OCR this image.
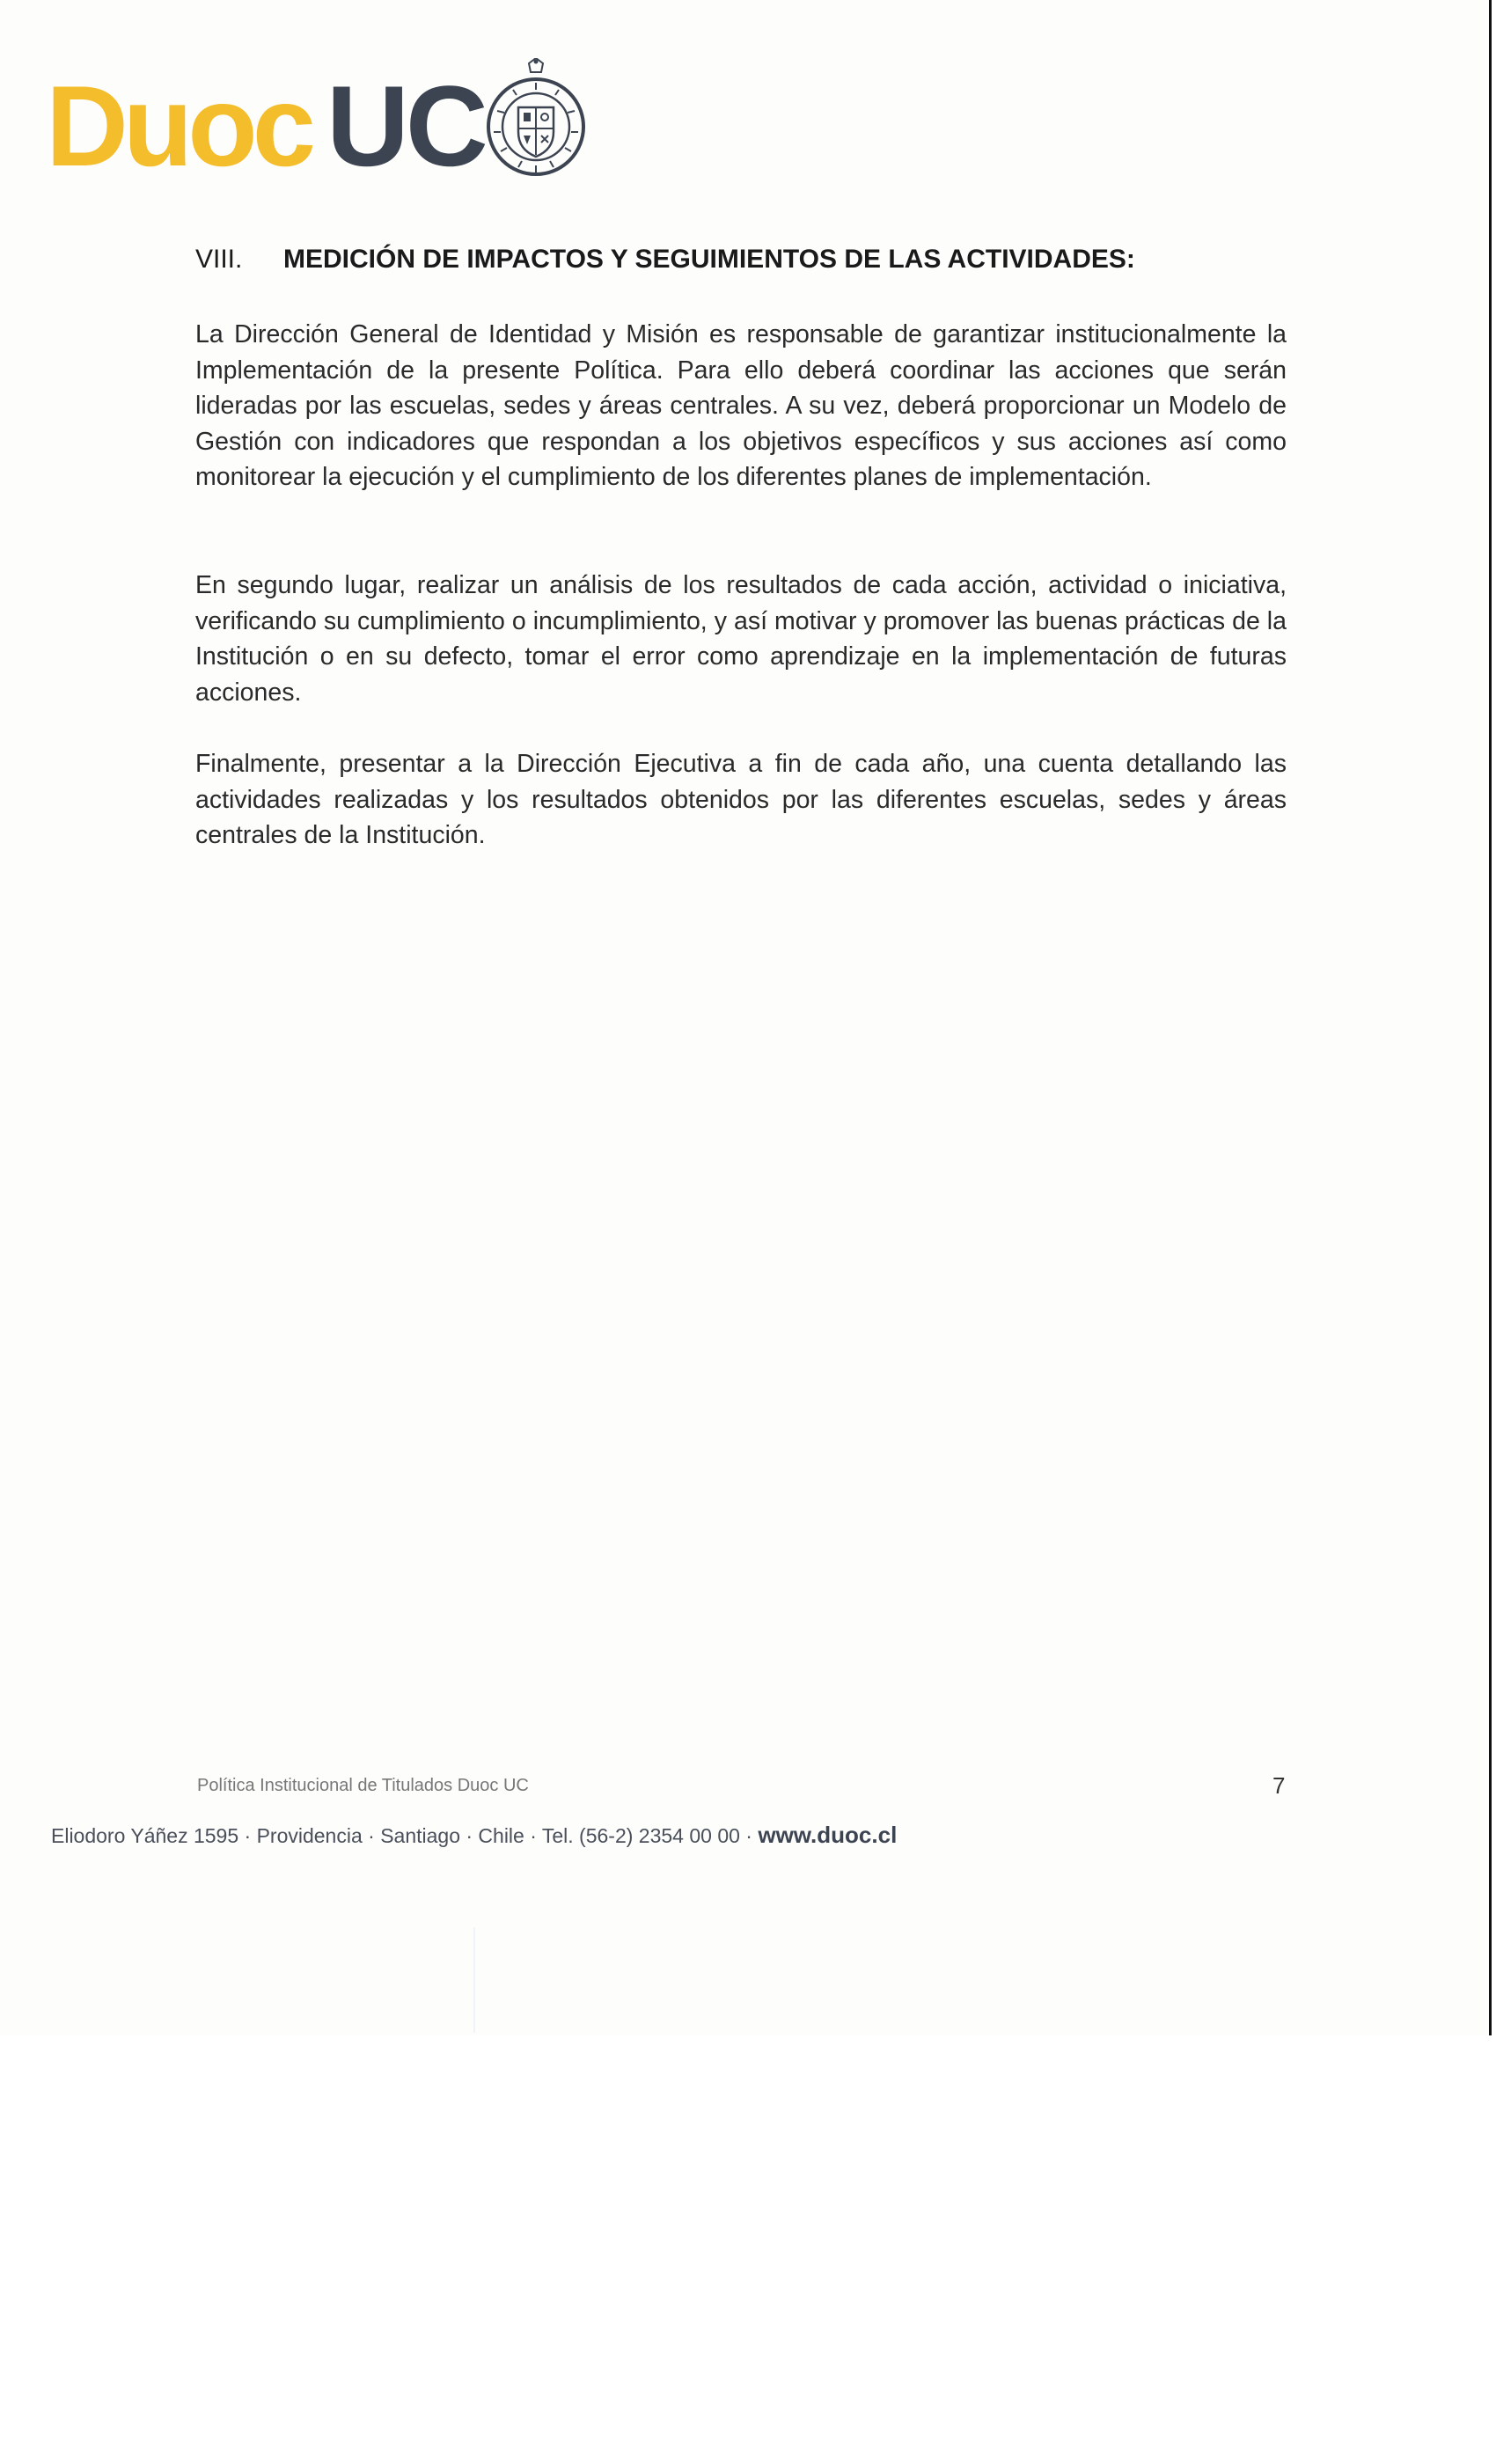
Duoc UC
VIII. MEDICIÓN DE IMPACTOS Y SEGUIMIENTOS DE LAS ACTIVIDADES:

La Dirección General de Identidad y Misión es responsable de garantizar institucionalmente la Implementación de la presente Política. Para ello deberá coordinar las acciones que serán lideradas por las escuelas, sedes y áreas centrales. A su vez, deberá proporcionar un Modelo de Gestión con indicadores que respondan a los objetivos específicos y sus acciones así como monitorear la ejecución y el cumplimiento de los diferentes planes de implementación.

En segundo lugar, realizar un análisis de los resultados de cada acción, actividad o iniciativa, verificando su cumplimiento o incumplimiento, y así motivar y promover las buenas prácticas de la Institución o en su defecto, tomar el error como aprendizaje en la implementación de futuras acciones.

Finalmente, presentar a la Dirección Ejecutiva a fin de cada año, una cuenta detallando las actividades realizadas y los resultados obtenidos por las diferentes escuelas, sedes y áreas centrales de la Institución.

Política Institucional de Titulados Duoc UC	7
Eliodoro Yáñez 1595 · Providencia · Santiago · Chile · Tel. (56-2) 2354 00 00 · www.duoc.cl
